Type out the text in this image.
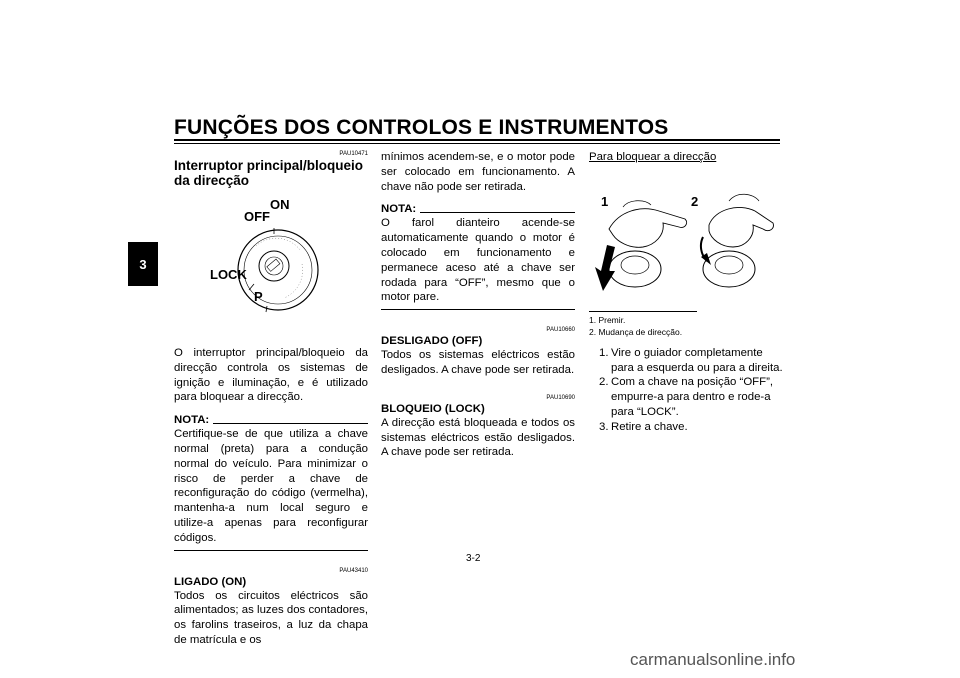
FUNÇÕES DOS CONTROLOS E INSTRUMENTOS
3
PAU10471
Interruptor principal/bloqueio da direcção
ON
OFF
LOCK
P

O interruptor principal/bloqueio da direcção controla os sistemas de ignição e iluminação, e é utilizado para bloquear a direcção.

NOTA:

Certifique-se de que utiliza a chave normal (preta) para a condução normal do veículo. Para minimizar o risco de perder a chave de reconfiguração do código (vermelha), mantenha-a num local seguro e utilize-a apenas para reconfigurar códigos.

PAU43410
LIGADO (ON)

Todos os circuitos eléctricos são alimentados; as luzes dos contadores, os farolins traseiros, a luz da chapa de matrícula e os

mínimos acendem-se, e o motor pode ser colocado em funcionamento. A chave não pode ser retirada.

NOTA:

O farol dianteiro acende-se automaticamente quando o motor é colocado em funcionamento e permanece aceso até a chave ser rodada para “OFF”, mesmo que o motor pare.

PAU10660
DESLIGADO (OFF)

Todos os sistemas eléctricos estão desligados. A chave pode ser retirada.

PAU10690
BLOQUEIO (LOCK)

A direcção está bloqueada e todos os sistemas eléctricos estão desligados. A chave pode ser retirada.

Para bloquear a direcção
1	2
1. Premir.
2. Mudança de direcção.
1. Vire o guiador completamente para a esquerda ou para a direita.
2. Com a chave na posição “OFF”, empurre-a para dentro e rode-a para “LOCK”.
3. Retire a chave.
3-2
carmanualsonline.info
